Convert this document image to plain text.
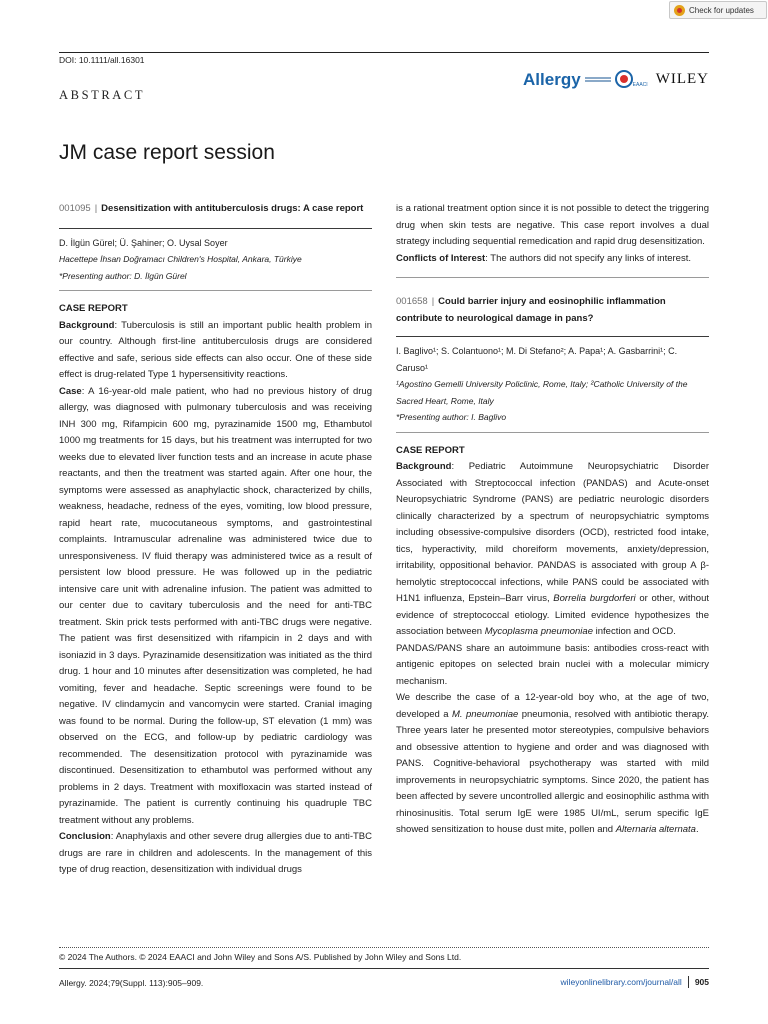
Check for updates
DOI: 10.1111/all.16301
ABSTRACT
Allergy	EAACI WILEY
JM case report session
001095 | Desensitization with antituberculosis drugs: A case report
D. İlgün Gürel; Ü. Şahiner; O. Uysal Soyer
Hacettepe İhsan Doğramacı Children's Hospital, Ankara, Türkiye
*Presenting author: D. İlgün Gürel
CASE REPORT
Background: Tuberculosis is still an important public health problem in our country. Although first-line antituberculosis drugs are considered effective and safe, serious side effects can also occur. One of these side effect is drug-related Type 1 hypersensitivity reactions.
Case: A 16-year-old male patient, who had no previous history of drug allergy, was diagnosed with pulmonary tuberculosis and was receiving INH 300 mg, Rifampicin 600 mg, pyrazinamide 1500 mg, Ethambutol 1000 mg treatments for 15 days, but his treatment was interrupted for two weeks due to elevated liver function tests and an increase in acute phase reactants, and then the treatment was started again. After one hour, the symptoms were assessed as anaphylactic shock, characterized by chills, weakness, headache, redness of the eyes, vomiting, low blood pressure, rapid heart rate, mucocutaneous symptoms, and gastrointestinal complaints. Intramuscular adrenaline was administered twice due to unresponsiveness. IV fluid therapy was administered twice as a result of persistent low blood pressure. He was followed up in the pediatric intensive care unit with adrenaline infusion. The patient was admitted to our center due to cavitary tuberculosis and the need for anti-TBC treatment. Skin prick tests performed with anti-TBC drugs were negative. The patient was first desensitized with rifampicin in 2 days and with isoniazid in 3 days. Pyrazinamide desensitization was initiated as the third drug. 1 hour and 10 minutes after desensitization was completed, he had vomiting, fever and headache. Septic screenings were found to be negative. IV clindamycin and vancomycin were started. Cranial imaging was found to be normal. During the follow-up, ST elevation (1 mm) was observed on the ECG, and follow-up by pediatric cardiology was recommended. The desensitization protocol with pyrazinamide was discontinued. Desensitization to ethambutol was performed without any problems in 2 days. Treatment with moxifloxacin was started instead of pyrazinamide. The patient is currently continuing his quadruple TBC treatment without any problems.
Conclusion: Anaphylaxis and other severe drug allergies due to anti-TBC drugs are rare in children and adolescents. In the management of this type of drug reaction, desensitization with individual drugs
is a rational treatment option since it is not possible to detect the triggering drug when skin tests are negative. This case report involves a dual strategy including sequential remedication and rapid drug desensitization.
Conflicts of Interest: The authors did not specify any links of interest.
001658 | Could barrier injury and eosinophilic inflammation contribute to neurological damage in pans?
I. Baglivo¹; S. Colantuono¹; M. Di Stefano²; A. Papa¹; A. Gasbarrini¹; C. Caruso¹
¹Agostino Gemelli University Policlinic, Rome, Italy; ²Catholic University of the Sacred Heart, Rome, Italy
*Presenting author: I. Baglivo
CASE REPORT
Background: Pediatric Autoimmune Neuropsychiatric Disorder Associated with Streptococcal infection (PANDAS) and Acute-onset Neuropsychiatric Syndrome (PANS) are pediatric neurologic disorders clinically characterized by a spectrum of neuropsychiatric symptoms including obsessive-compulsive disorders (OCD), restricted food intake, tics, hyperactivity, mild choreiform movements, anxiety/depression, irritability, oppositional behavior. PANDAS is associated with group A β-hemolytic streptococcal infections, while PANS could be associated with H1N1 influenza, Epstein–Barr virus, Borrelia burgdorferi or other, without evidence of streptococcal etiology. Limited evidence hypothesizes the association between Mycoplasma pneumoniae infection and OCD.
PANDAS/PANS share an autoimmune basis: antibodies cross-react with antigenic epitopes on selected brain nuclei with a molecular mimicry mechanism.
We describe the case of a 12-year-old boy who, at the age of two, developed a M. pneumoniae pneumonia, resolved with antibiotic therapy. Three years later he presented motor stereotypies, compulsive behaviors and obsessive attention to hygiene and order and was diagnosed with PANS. Cognitive-behavioral psychotherapy was started with mild improvements in neuropsychiatric symptoms. Since 2020, the patient has been affected by severe uncontrolled allergic and eosinophilic asthma with rhinosinusitis. Total serum IgE were 1985 UI/mL, serum specific IgE showed sensitization to house dust mite, pollen and Alternaria alternata.
© 2024 The Authors. © 2024 EAACI and John Wiley and Sons A/S. Published by John Wiley and Sons Ltd.
Allergy. 2024;79(Suppl. 113):905–909.	wileyonlinelibrary.com/journal/all 905
